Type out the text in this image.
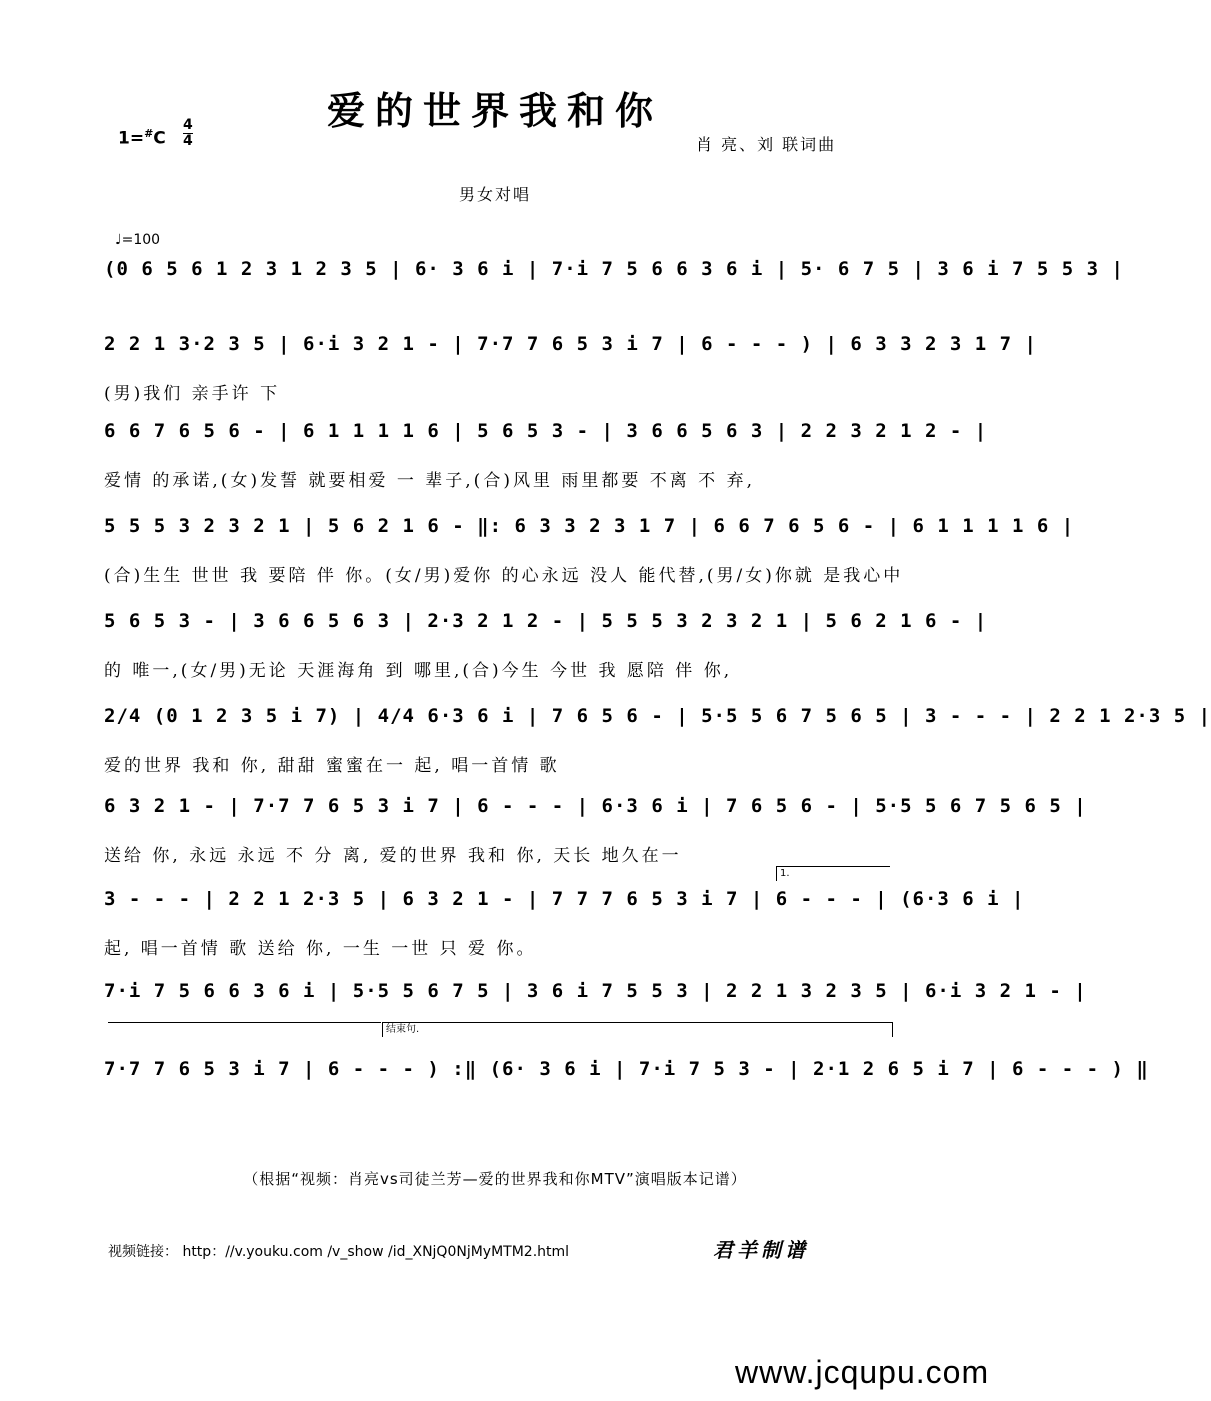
爱的世界我和你
1=#C
4
4	肖 亮、刘 联词曲
男女对唱
♩=100
(0 6 5 6 1 2 3 1 2 3 5 | 6· 3 6 i | 7·i 7 5 6 6 3 6 i | 5· 6 7 5 | 3 6 i 7 5 5 3 |
2 2 1 3·2 3 5 | 6·i 3 2 1 - | 7·7 7 6 5 3 i 7 | 6 - - - ) | 6 3 3 2 3 1 7 |
(男)我们 亲手许 下
6 6 7 6 5 6 - | 6 1 1 1 1 6 | 5 6 5 3 - | 3 6 6 5 6 3 | 2 2 3 2 1 2 - |
爱情 的承诺,(女)发誓 就要相爱 一 辈子,(合)风里 雨里都要 不离 不 弃,
5 5 5 3 2 3 2 1 | 5 6 2 1 6 - ‖: 6 3 3 2 3 1 7 | 6 6 7 6 5 6 - | 6 1 1 1 1 6 |
(合)生生 世世 我 要陪 伴 你。(女/男)爱你 的心永远 没人 能代替,(男/女)你就 是我心中
5 6 5 3 - | 3 6 6 5 6 3 | 2·3 2 1 2 - | 5 5 5 3 2 3 2 1 | 5 6 2 1 6 - |
的 唯一,(女/男)无论 天涯海角 到 哪里,(合)今生 今世 我 愿陪 伴 你,
2/4 (0 1 2 3 5 i 7) | 4/4 6·3 6 i | 7 6 5 6 - | 5·5 5 6 7 5 6 5 | 3 - - - | 2 2 1 2·3 5 |
爱的世界 我和 你, 甜甜 蜜蜜在一 起, 唱一首情 歌
6 3 2 1 - | 7·7 7 6 5 3 i 7 | 6 - - - | 6·3 6 i | 7 6 5 6 - | 5·5 5 6 7 5 6 5 |
送给 你, 永远 永远 不 分 离, 爱的世界 我和 你, 天长 地久在一
3 - - - | 2 2 1 2·3 5 | 6 3 2 1 - | 7 7 7 6 5 3 i 7 | 6 - - - | (6·3 6 i |
起, 唱一首情 歌 送给 你, 一生 一世 只 爱 你。
1.
7·i 7 5 6 6 3 6 i | 5·5 5 6 7 5 | 3 6 i 7 5 5 3 | 2 2 1 3 2 3 5 | 6·i 3 2 1 - |
结束句.
7·7 7 6 5 3 i 7 | 6 - - - ) :‖ (6· 3 6 i | 7·i 7 5 3 - | 2·1 2 6 5 i 7 | 6 - - - ) ‖
（根据“视频：肖亮vs司徒兰芳—爱的世界我和你MTV”演唱版本记谱）
视频链接： http：//v.youku.com /v_show /id_XNjQ0NjMyMTM2.html	君羊制谱
www.jcqupu.com
